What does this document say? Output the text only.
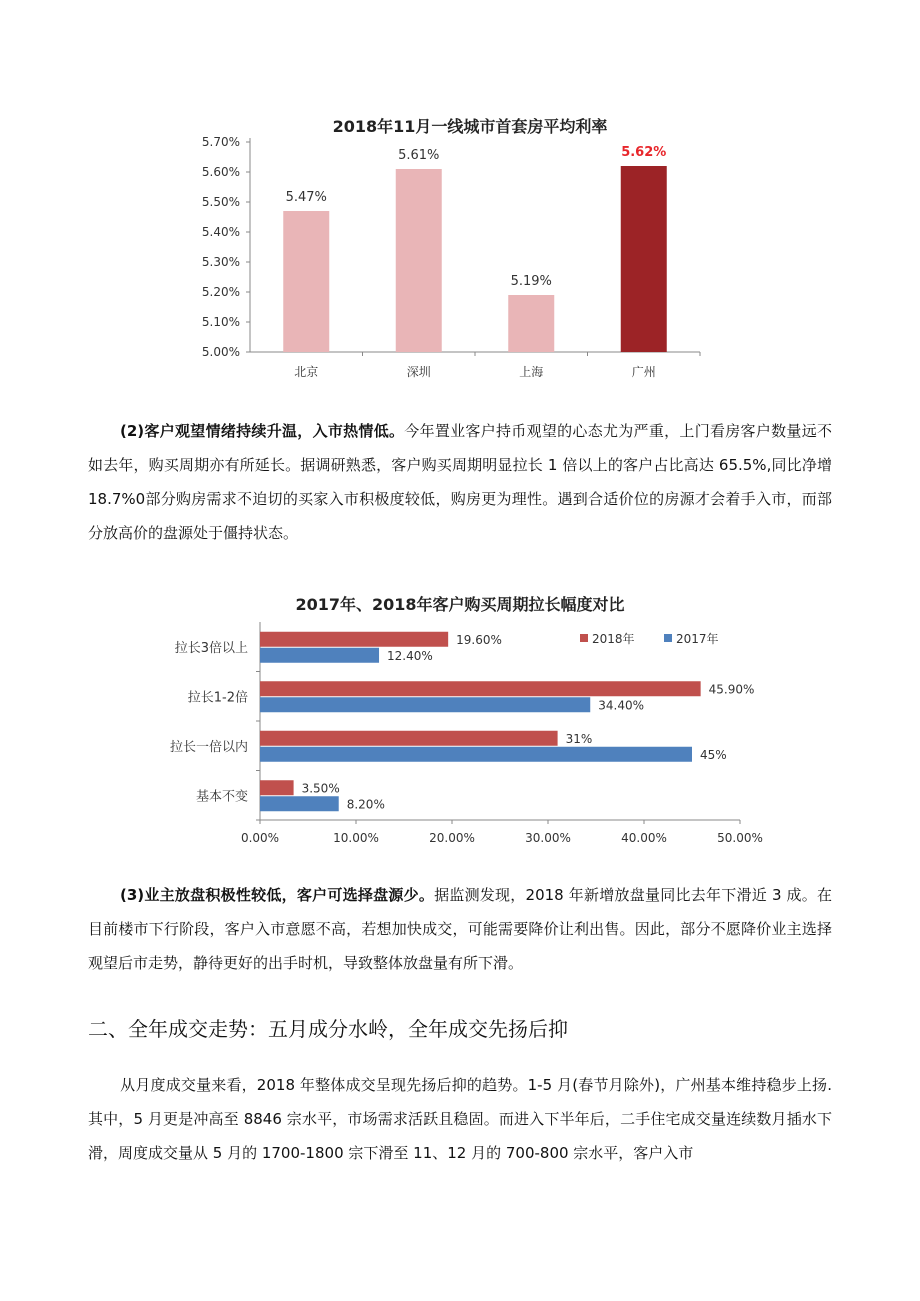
2018年11月一线城市首套房平均利率
5.00%
5.10%
5.20%
5.30%
5.40%
5.50%
5.60%
5.70%
5.47%
北京
5.61%
深圳
5.19%
上海
5.62%
广州
(2)客户观望情绪持续升温，入市热情低。今年置业客户持币观望的心态尤为严重，上门看房客户数量远不如去年，购买周期亦有所延长。据调研熟悉，客户购买周期明显拉长 1 倍以上的客户占比高达 65.5%,同比净增 18.7%0部分购房需求不迫切的买家入市积极度较低，购房更为理性。遇到合适价位的房源才会着手入市，而部分放高价的盘源处于僵持状态。
2017年、2018年客户购买周期拉长幅度对比
0.00%	10.00%	20.00%	30.00%	40.00%	50.00%
拉长3倍以上
19.60%
12.40%
拉长1-2倍
45.90%
34.40%
拉长一倍以内
31%
45%
基本不变
3.50%
8.20%
2018年	2017年
(3)业主放盘积极性较低，客户可选择盘源少。据监测发现，2018 年新增放盘量同比去年下滑近 3 成。在目前楼市下行阶段，客户入市意愿不高，若想加快成交，可能需要降价让利出售。因此，部分不愿降价业主选择观望后市走势，静待更好的出手时机，导致整体放盘量有所下滑。
二、全年成交走势：五月成分水岭，全年成交先扬后抑
从月度成交量来看，2018 年整体成交呈现先扬后抑的趋势。1-5 月(春节月除外)，广州基本维持稳步上扬. 其中，5 月更是冲高至 8846 宗水平，市场需求活跃且稳固。而进入下半年后，二手住宅成交量连续数月插水下滑，周度成交量从 5 月的 1700-1800 宗下滑至 11、12 月的 700-800 宗水平，客户入市
